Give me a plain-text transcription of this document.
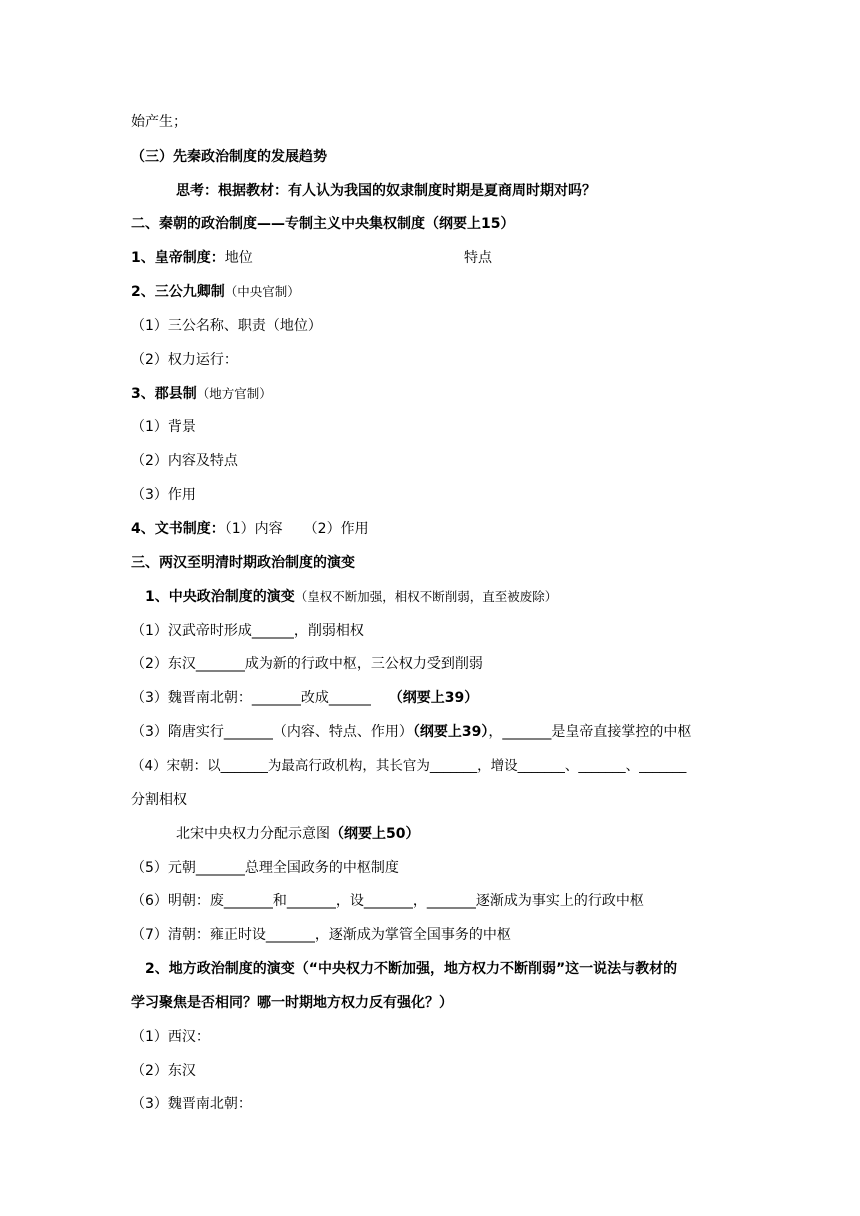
始产生；
（三）先秦政治制度的发展趋势
思考：根据教材：有人认为我国的奴隶制度时期是夏商周时期对吗？
二、秦朝的政治制度——专制主义中央集权制度（纲要上15）
1、皇帝制度：地位	特点
2、三公九卿制（中央官制）
（1）三公名称、职责（地位）
（2）权力运行：
3、郡县制（地方官制）
（1）背景
（2）内容及特点
（3）作用
4、文书制度：（1）内容　　（2）作用
三、两汉至明清时期政治制度的演变
1、中央政治制度的演变（皇权不断加强，相权不断削弱，直至被废除）
（1）汉武帝时形成______，削弱相权
（2）东汉_______成为新的行政中枢，三公权力受到削弱
（3）魏晋南北朝：_______改成______ （纲要上39）
（3）隋唐实行_______（内容、特点、作用）（纲要上39），_______是皇帝直接掌控的中枢
（4）宋朝：以_______为最高行政机构，其长官为_______，增设_______、_______、_______
分割相权
北宋中央权力分配示意图（纲要上50）
（5）元朝_______总理全国政务的中枢制度
（6）明朝：废_______和_______，设_______，_______逐渐成为事实上的行政中枢
（7）清朝：雍正时设_______，逐渐成为掌管全国事务的中枢
2、地方政治制度的演变（“中央权力不断加强，地方权力不断削弱”这一说法与教材的
学习聚焦是否相同？哪一时期地方权力反有强化？）
（1）西汉：
（2）东汉
（3）魏晋南北朝：
